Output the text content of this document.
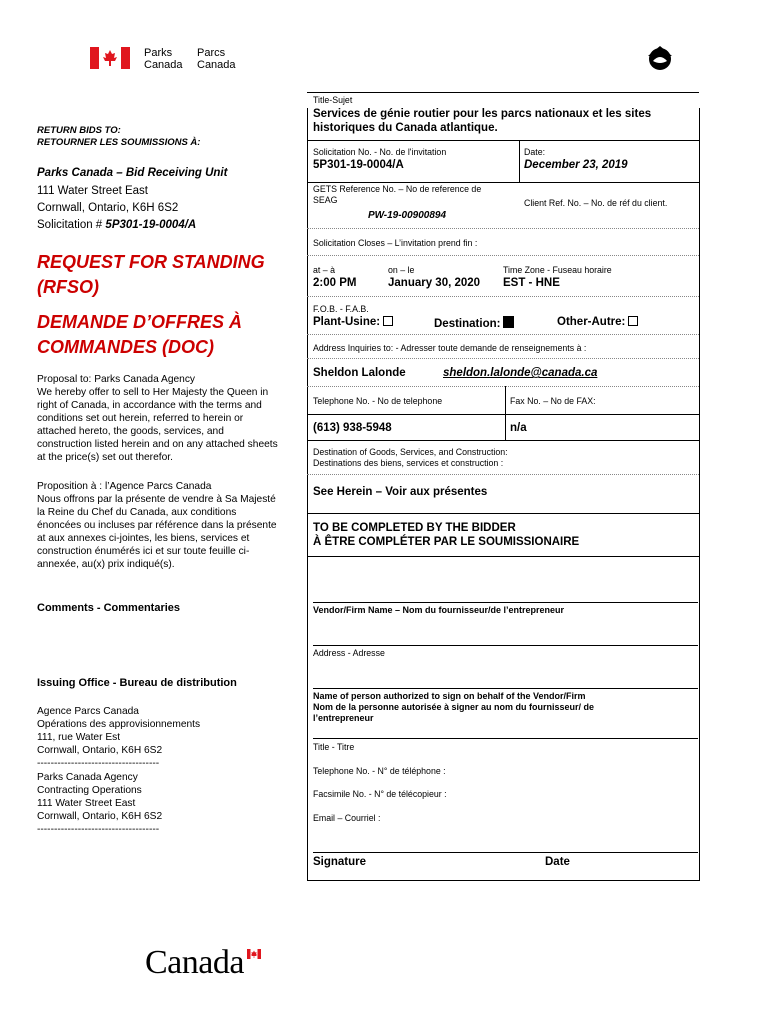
Parks
Canada
Parcs
Canada
RETURN BIDS TO:
RETOURNER LES SOUMISSIONS À:
Parks Canada – Bid Receiving Unit
111 Water Street East
Cornwall, Ontario, K6H 6S2
Solicitation # 5P301-19-0004/A
REQUEST FOR STANDING
(RFSO)
DEMANDE D’OFFRES À
COMMANDES (DOC)
Proposal to: Parks Canada Agency
We hereby offer to sell to Her Majesty the Queen in
right of Canada, in accordance with the terms and
conditions set out herein, referred to herein or
attached hereto, the goods, services, and
construction listed herein and on any attached sheets
at the price(s) set out therefor.
Proposition à : l’Agence Parcs Canada
Nous offrons par la présente de vendre à Sa Majesté
la Reine du Chef du Canada, aux conditions
énoncées ou incluses par référence dans la présente
at aux annexes ci-jointes, les biens, services et
construction énumérés ici et sur toute feuille ci-
annexée, au(x) prix indiqué(s).
Comments - Commentaries
Issuing Office - Bureau de distribution
Agence Parcs Canada
Opérations des approvisionnements
111, rue Water Est
Cornwall, Ontario, K6H 6S2
------------------------------------
Parks Canada Agency
Contracting Operations
111 Water Street East
Cornwall, Ontario, K6H 6S2
------------------------------------
Title-Sujet
Services de génie routier pour les parcs nationaux et les sites
historiques du Canada atlantique.
Solicitation No. - No. de l'invitation
5P301-19-0004/A
Date:
December 23, 2019
GETS Reference No. – No de reference de
SEAG
PW-19-00900894
Client Ref. No. – No. de réf du client.
Solicitation Closes – L’invitation prend fin :
at – à
2:00 PM
on – le
January 30, 2020
Time Zone - Fuseau horaire
EST - HNE
F.O.B. - F.A.B.
Plant-Usine:	Destination:	Other-Autre:
Address Inquiries to: - Adresser toute demande de renseignements à :
Sheldon Lalonde	sheldon.lalonde@canada.ca
Telephone No. - No de telephone	Fax No. – No de FAX:
(613) 938-5948	n/a
Destination of Goods, Services, and Construction:
Destinations des biens, services et construction :
See Herein – Voir aux présentes
TO BE COMPLETED BY THE BIDDER
À ÊTRE COMPLÉTER PAR LE SOUMISSIONAIRE
Vendor/Firm Name – Nom du fournisseur/de l’entrepreneur
Address - Adresse
Name of person authorized to sign on behalf of the Vendor/Firm
Nom de la personne autorisée à signer au nom du fournisseur/ de
l’entrepreneur
Title - Titre
Telephone No. - N° de téléphone :
Facsimile No. - N° de télécopieur :
Email – Courriel :
Signature	Date
Canada
